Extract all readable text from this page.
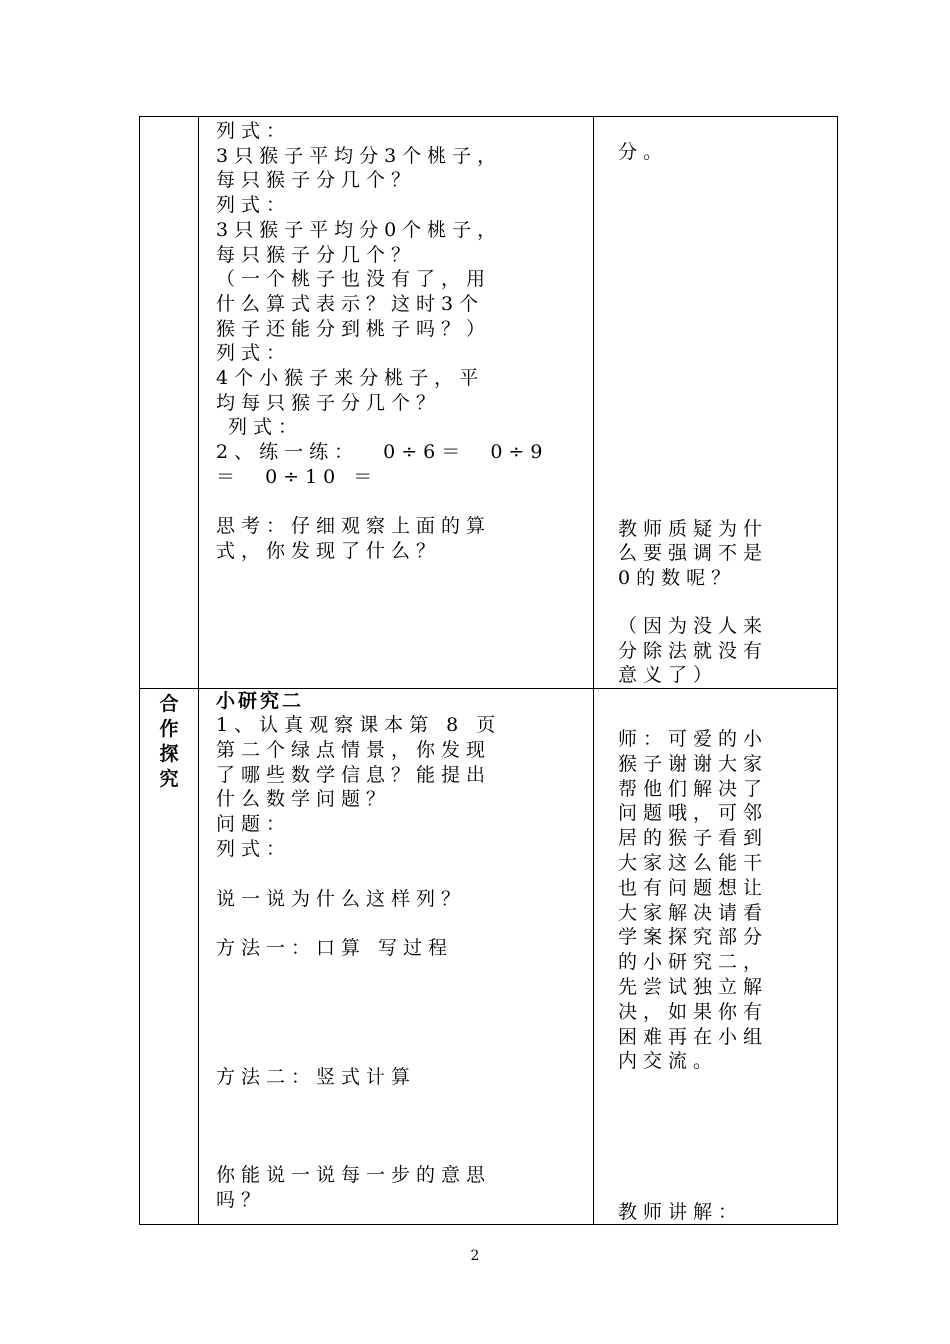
列式：
3只猴子平均分3个桃子，
每只猴子分几个？
列式：
3只猴子平均分0个桃子，
每只猴子分几个？
（一个桃子也没有了，用
什么算式表示？这时3个
猴子还能分到桃子吗？）
列式：
4个小猴子来分桃子，平
均每只猴子分几个？
列式：
2、练一练：  0÷6＝  0÷9
＝  0÷10 ＝
思考：仔细观察上面的算
式，你发现了什么？
分。
教师质疑为什
么要强调不是
0的数呢？
（因为没人来
分除法就没有
意义了）
合
作
探
究
小研究二
1、认真观察课本第 8 页
第二个绿点情景，你发现
了哪些数学信息？能提出
什么数学问题？
问题：
列式：
说一说为什么这样列？
方法一：口算 写过程
方法二：竖式计算
你能说一说每一步的意思
吗？
师：可爱的小
猴子谢谢大家
帮他们解决了
问题哦，可邻
居的猴子看到
大家这么能干
也有问题想让
大家解决请看
学案探究部分
的小研究二，
先尝试独立解
决，如果你有
困难再在小组
内交流。
教师讲解：
2
